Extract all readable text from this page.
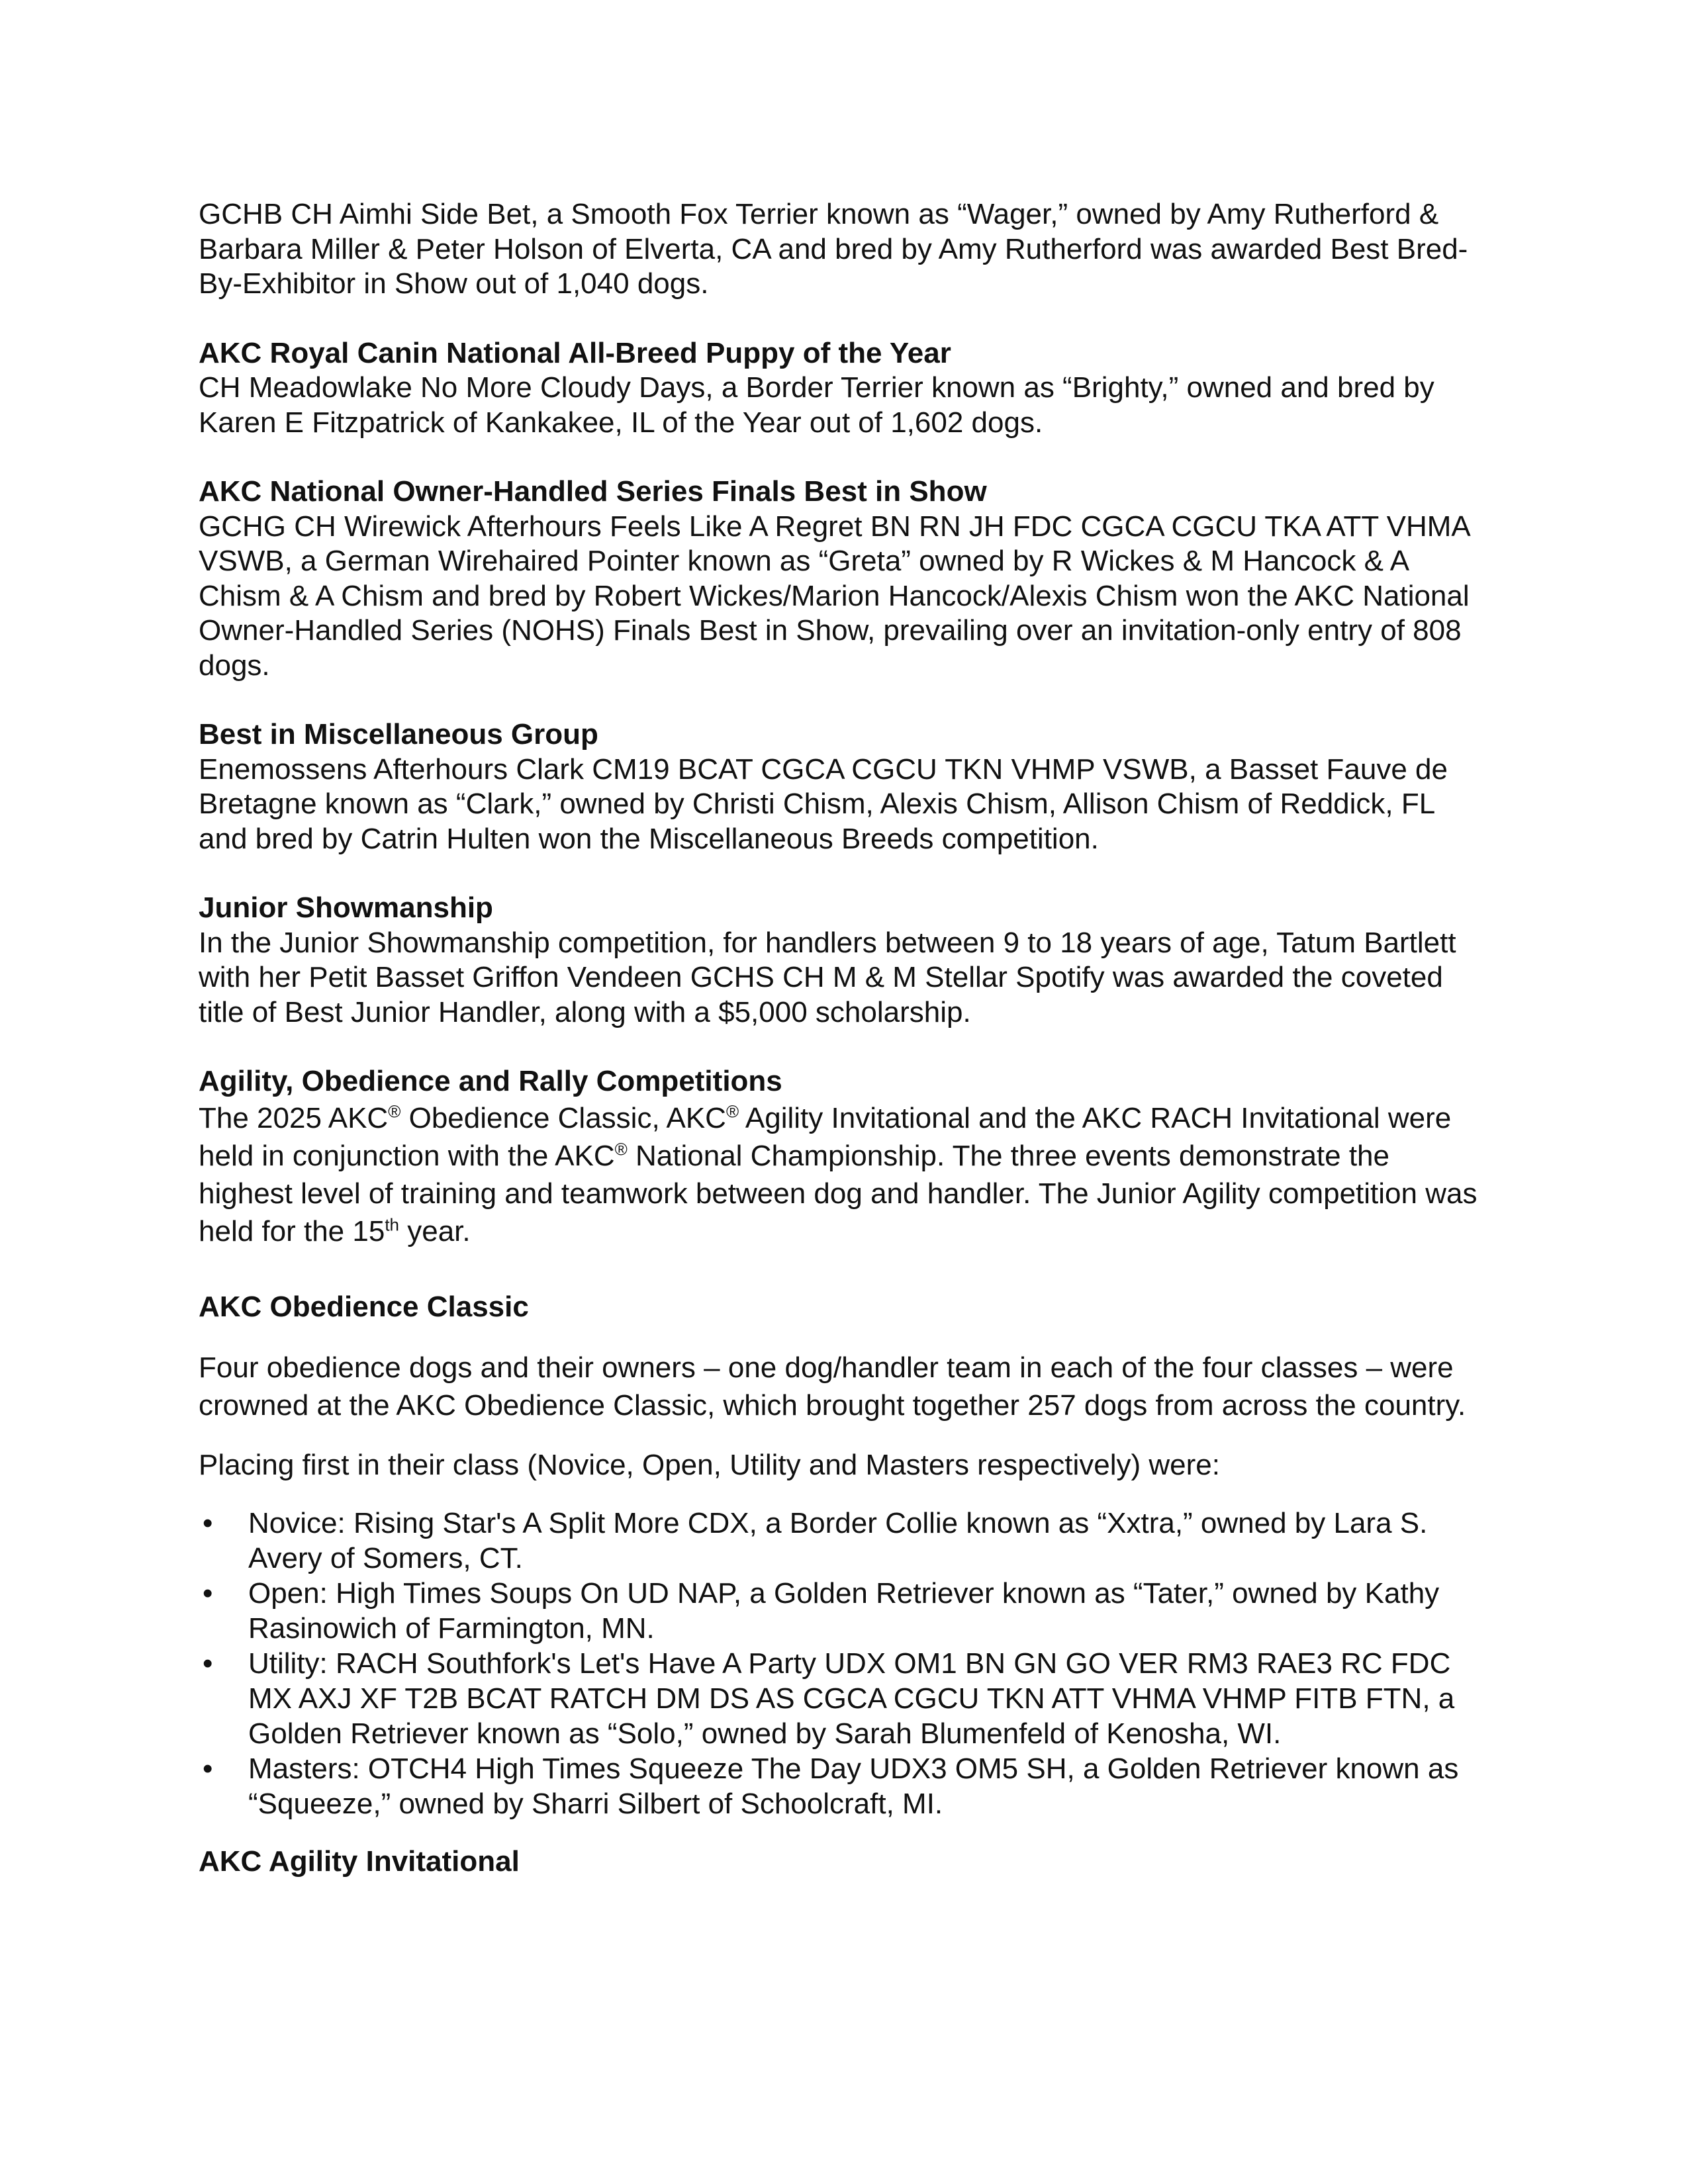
GCHB CH Aimhi Side Bet, a Smooth Fox Terrier known as “Wager,” owned by Amy Rutherford & Barbara Miller & Peter Holson of Elverta, CA and bred by Amy Rutherford was awarded Best Bred-By-Exhibitor in Show out of 1,040 dogs.

AKC Royal Canin National All-Breed Puppy of the Year

CH Meadowlake No More Cloudy Days, a Border Terrier known as “Brighty,” owned and bred by Karen E Fitzpatrick of Kankakee, IL of the Year out of 1,602 dogs.

AKC National Owner-Handled Series Finals Best in Show

GCHG CH Wirewick Afterhours Feels Like A Regret BN RN JH FDC CGCA CGCU TKA ATT VHMA VSWB, a German Wirehaired Pointer known as “Greta” owned by R Wickes & M Hancock & A Chism & A Chism and bred by Robert Wickes/Marion Hancock/Alexis Chism won the AKC National Owner-Handled Series (NOHS) Finals Best in Show, prevailing over an invitation-only entry of 808 dogs.

Best in Miscellaneous Group

Enemossens Afterhours Clark CM19 BCAT CGCA CGCU TKN VHMP VSWB, a Basset Fauve de Bretagne known as “Clark,” owned by Christi Chism, Alexis Chism, Allison Chism of Reddick, FL and bred by Catrin Hulten won the Miscellaneous Breeds competition.

Junior Showmanship

In the Junior Showmanship competition, for handlers between 9 to 18 years of age, Tatum Bartlett with her Petit Basset Griffon Vendeen GCHS CH M & M Stellar Spotify was awarded the coveted title of Best Junior Handler, along with a $5,000 scholarship.

Agility, Obedience and Rally Competitions

The 2025 AKC® Obedience Classic, AKC® Agility Invitational and the AKC RACH Invitational were held in conjunction with the AKC® National Championship. The three events demonstrate the highest level of training and teamwork between dog and handler. The Junior Agility competition was held for the 15th year.

AKC Obedience Classic

Four obedience dogs and their owners – one dog/handler team in each of the four classes – were crowned at the AKC Obedience Classic, which brought together 257 dogs from across the country.

Placing first in their class (Novice, Open, Utility and Masters respectively) were:

• Novice: Rising Star's A Split More CDX, a Border Collie known as “Xxtra,” owned by Lara S. Avery of Somers, CT.
• Open: High Times Soups On UD NAP, a Golden Retriever known as “Tater,” owned by Kathy Rasinowich of Farmington, MN.
• Utility: RACH Southfork's Let's Have A Party UDX OM1 BN GN GO VER RM3 RAE3 RC FDC MX AXJ XF T2B BCAT RATCH DM DS AS CGCA CGCU TKN ATT VHMA VHMP FITB FTN, a Golden Retriever known as “Solo,” owned by Sarah Blumenfeld of Kenosha, WI.
• Masters: OTCH4 High Times Squeeze The Day UDX3 OM5 SH, a Golden Retriever known as “Squeeze,” owned by Sharri Silbert of Schoolcraft, MI.

AKC Agility Invitational
